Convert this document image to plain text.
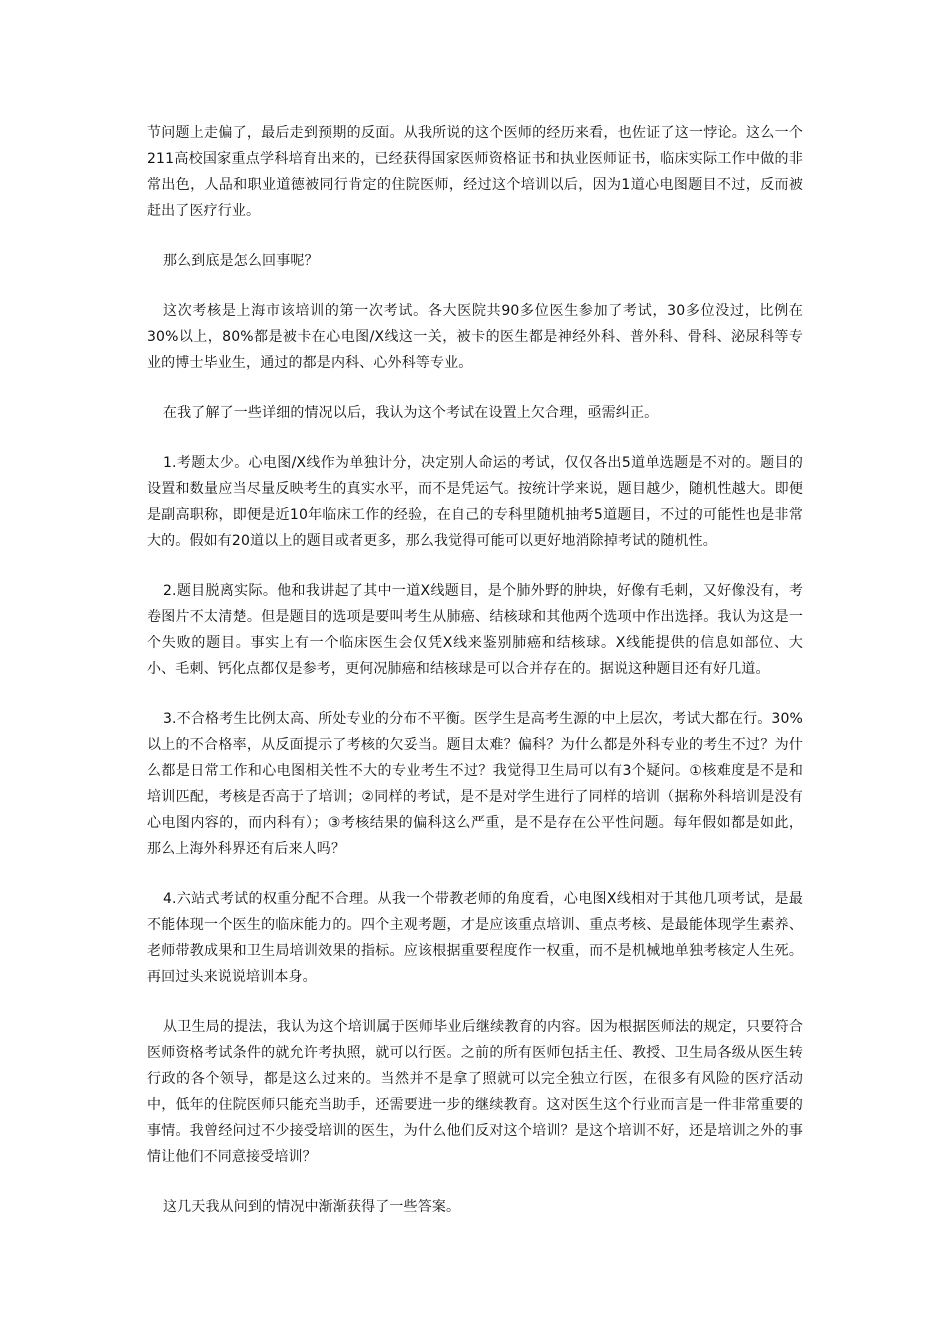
节问题上走偏了，最后走到预期的反面。从我所说的这个医师的经历来看，也佐证了这一悖论。这么一个211高校国家重点学科培育出来的，已经获得国家医师资格证书和执业医师证书，临床实际工作中做的非常出色，人品和职业道德被同行肯定的住院医师，经过这个培训以后，因为1道心电图题目不过，反而被赶出了医疗行业。

那么到底是怎么回事呢？

这次考核是上海市该培训的第一次考试。各大医院共90多位医生参加了考试，30多位没过，比例在30%以上，80%都是被卡在心电图/X线这一关，被卡的医生都是神经外科、普外科、骨科、泌尿科等专业的博士毕业生，通过的都是内科、心外科等专业。

在我了解了一些详细的情况以后，我认为这个考试在设置上欠合理，亟需纠正。

1.考题太少。心电图/X线作为单独计分，决定别人命运的考试，仅仅各出5道单选题是不对的。题目的设置和数量应当尽量反映考生的真实水平，而不是凭运气。按统计学来说，题目越少，随机性越大。即便是副高职称，即便是近10年临床工作的经验，在自己的专科里随机抽考5道题目，不过的可能性也是非常大的。假如有20道以上的题目或者更多，那么我觉得可能可以更好地消除掉考试的随机性。

2.题目脱离实际。他和我讲起了其中一道X线题目，是个肺外野的肿块，好像有毛刺，又好像没有，考卷图片不太清楚。但是题目的选项是要叫考生从肺癌、结核球和其他两个选项中作出选择。我认为这是一个失败的题目。事实上有一个临床医生会仅凭X线来鉴别肺癌和结核球。X线能提供的信息如部位、大小、毛刺、钙化点都仅是参考，更何况肺癌和结核球是可以合并存在的。据说这种题目还有好几道。

3.不合格考生比例太高、所处专业的分布不平衡。医学生是高考生源的中上层次，考试大都在行。30%以上的不合格率，从反面提示了考核的欠妥当。题目太难？偏科？为什么都是外科专业的考生不过？为什么都是日常工作和心电图相关性不大的专业考生不过？我觉得卫生局可以有3个疑问。①核难度是不是和培训匹配，考核是否高于了培训；②同样的考试，是不是对学生进行了同样的培训（据称外科培训是没有心电图内容的，而内科有）；③考核结果的偏科这么严重，是不是存在公平性问题。每年假如都是如此，那么上海外科界还有后来人吗？

4.六站式考试的权重分配不合理。从我一个带教老师的角度看，心电图X线相对于其他几项考试，是最不能体现一个医生的临床能力的。四个主观考题，才是应该重点培训、重点考核、是最能体现学生素养、老师带教成果和卫生局培训效果的指标。应该根据重要程度作一权重，而不是机械地单独考核定人生死。再回过头来说说培训本身。

从卫生局的提法，我认为这个培训属于医师毕业后继续教育的内容。因为根据医师法的规定，只要符合医师资格考试条件的就允许考执照，就可以行医。之前的所有医师包括主任、教授、卫生局各级从医生转行政的各个领导，都是这么过来的。当然并不是拿了照就可以完全独立行医，在很多有风险的医疗活动中，低年的住院医师只能充当助手，还需要进一步的继续教育。这对医生这个行业而言是一件非常重要的事情。我曾经问过不少接受培训的医生，为什么他们反对这个培训？是这个培训不好，还是培训之外的事情让他们不同意接受培训？

这几天我从问到的情况中渐渐获得了一些答案。
